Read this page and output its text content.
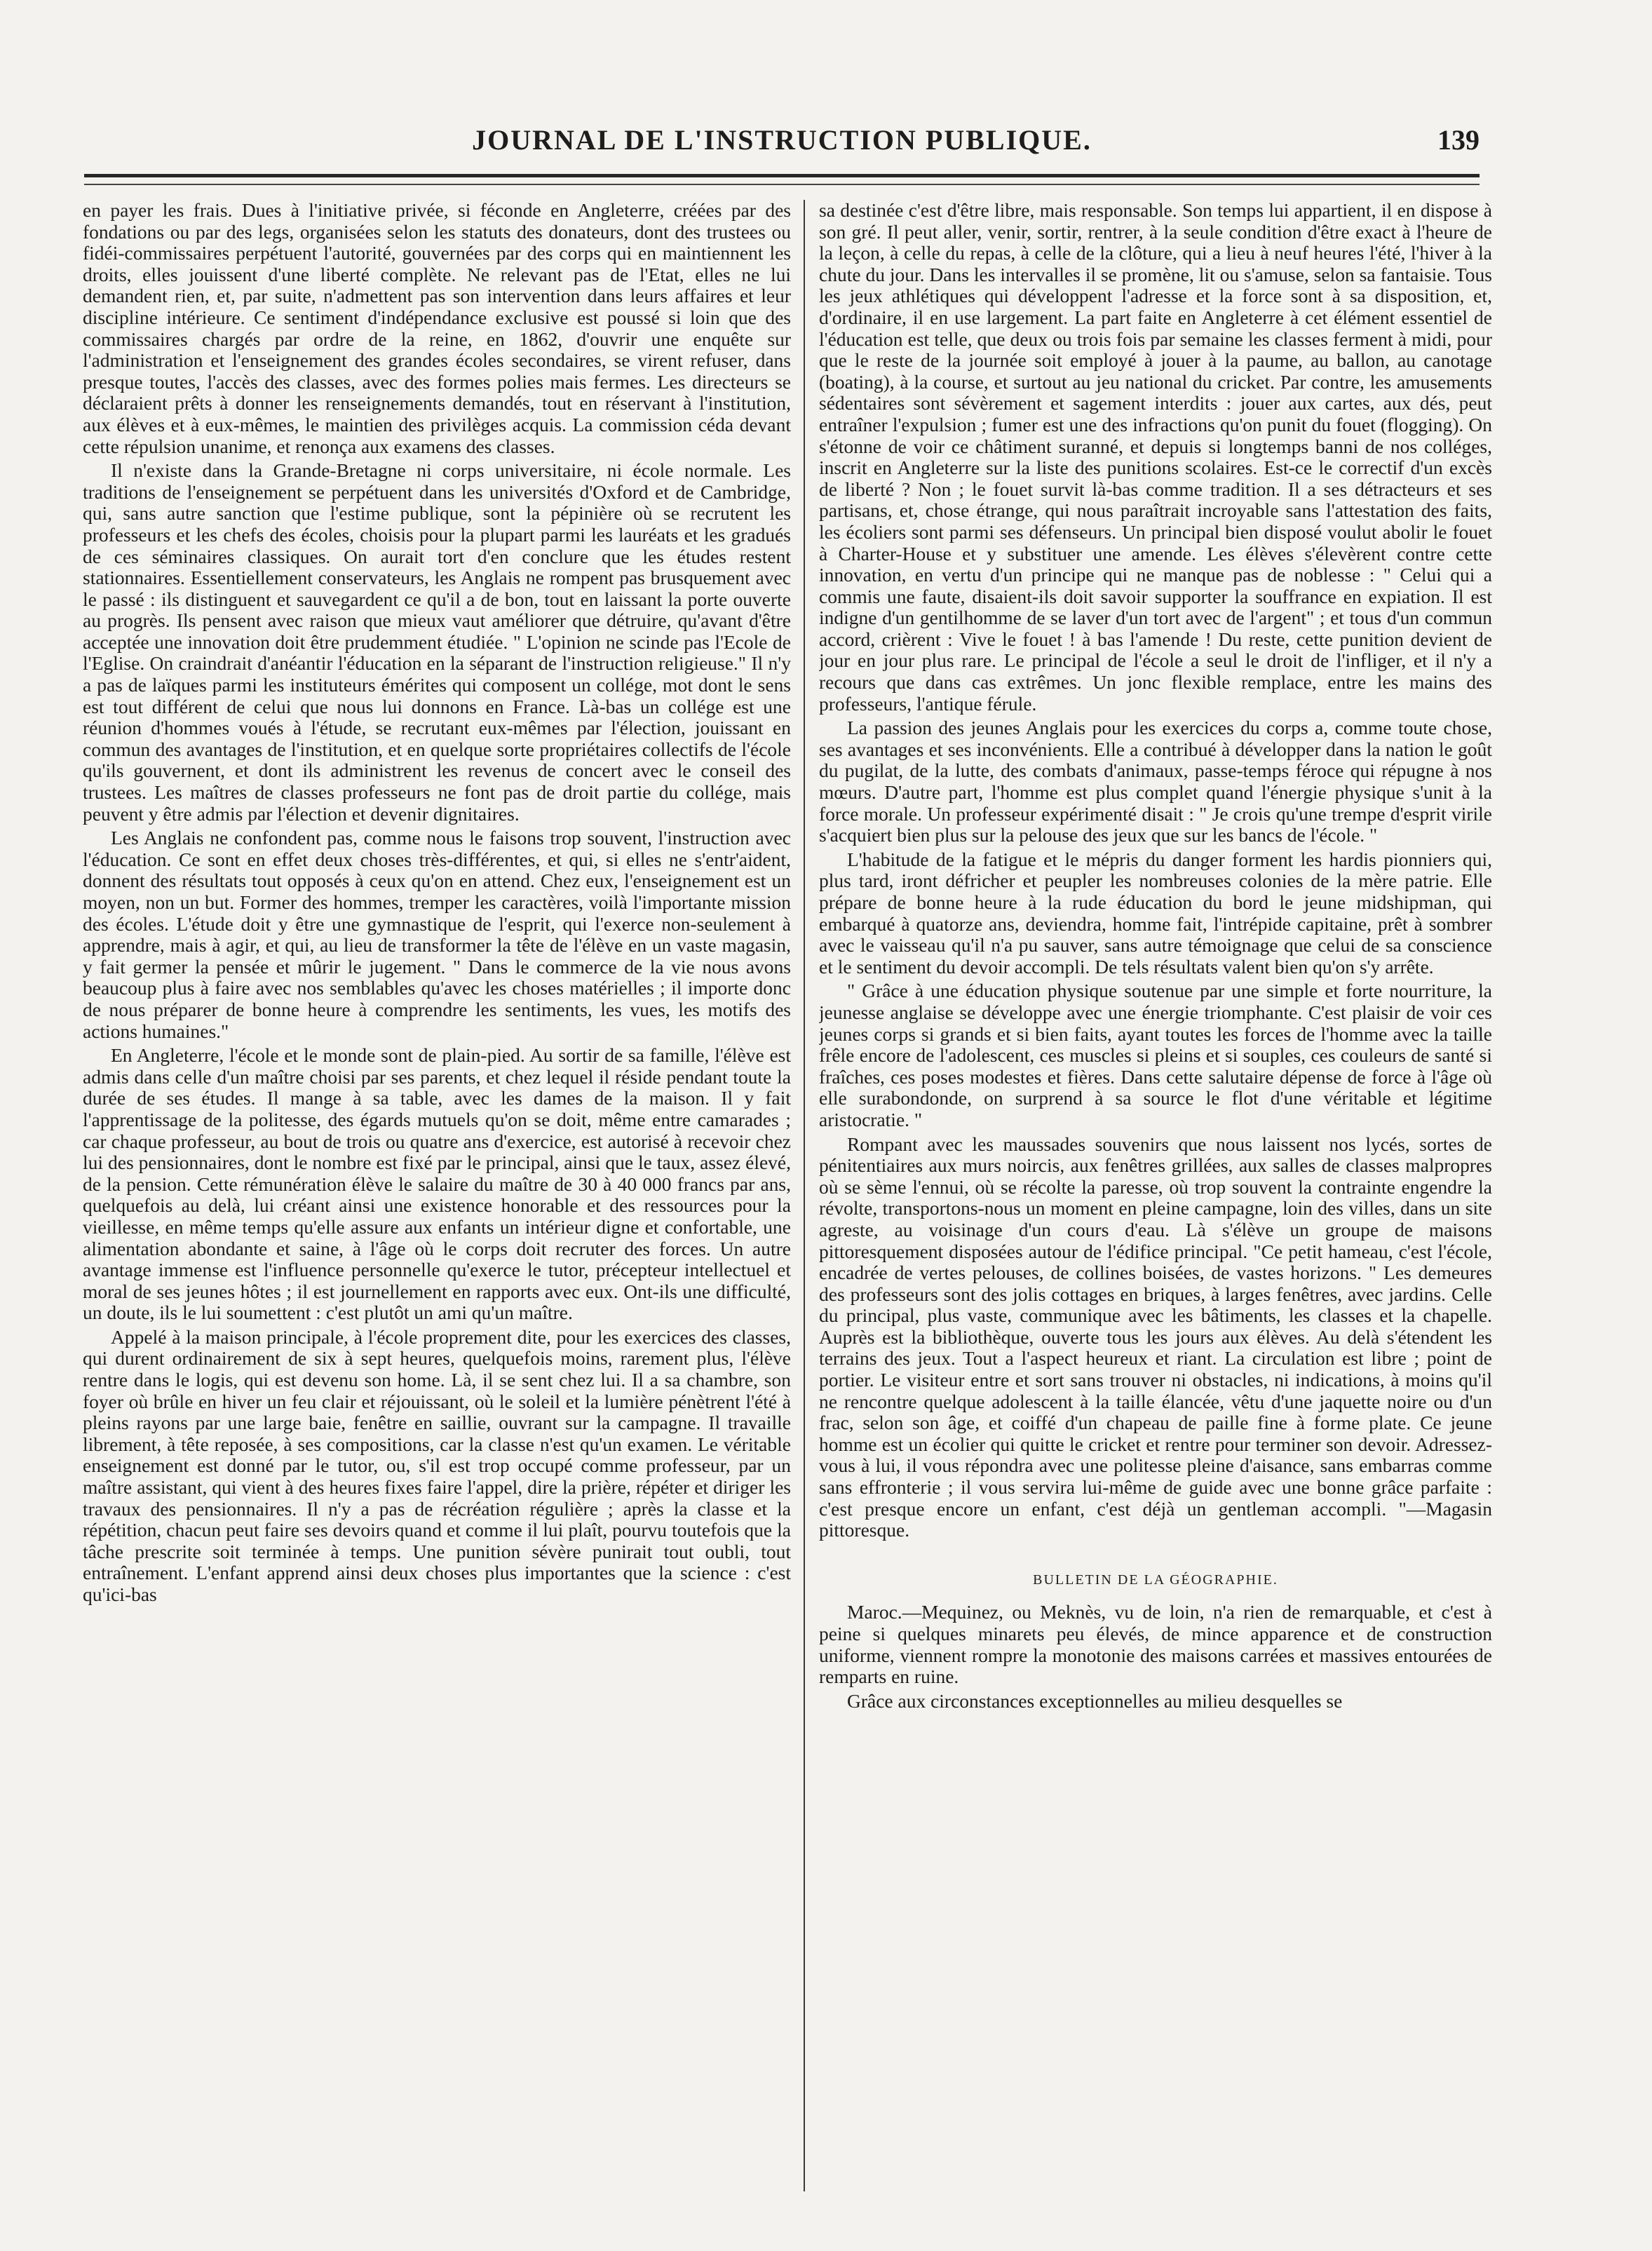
JOURNAL DE L'INSTRUCTION PUBLIQUE.	139

en payer les frais. Dues à l'initiative privée, si féconde en Angleterre, créées par des fondations ou par des legs, organisées selon les statuts des donateurs, dont des trustees ou fidéi-commissaires perpétuent l'autorité, gouvernées par des corps qui en maintiennent les droits, elles jouissent d'une liberté complète. Ne relevant pas de l'Etat, elles ne lui demandent rien, et, par suite, n'admettent pas son intervention dans leurs affaires et leur discipline intérieure. Ce sentiment d'indépendance exclusive est poussé si loin que des commissaires chargés par ordre de la reine, en 1862, d'ouvrir une enquête sur l'administration et l'enseignement des grandes écoles secondaires, se virent refuser, dans presque toutes, l'accès des classes, avec des formes polies mais fermes. Les directeurs se déclaraient prêts à donner les renseignements demandés, tout en réservant à l'institution, aux élèves et à eux-mêmes, le maintien des privilèges acquis. La commission céda devant cette répulsion unanime, et renonça aux examens des classes.

Il n'existe dans la Grande-Bretagne ni corps universitaire, ni école normale. Les traditions de l'enseignement se perpétuent dans les universités d'Oxford et de Cambridge, qui, sans autre sanction que l'estime publique, sont la pépinière où se recrutent les professeurs et les chefs des écoles, choisis pour la plupart parmi les lauréats et les gradués de ces séminaires classiques. On aurait tort d'en conclure que les études restent stationnaires. Essentiellement conservateurs, les Anglais ne rompent pas brusquement avec le passé : ils distinguent et sauvegardent ce qu'il a de bon, tout en laissant la porte ouverte au progrès. Ils pensent avec raison que mieux vaut améliorer que détruire, qu'avant d'être acceptée une innovation doit être prudemment étudiée. " L'opinion ne scinde pas l'Ecole de l'Eglise. On craindrait d'anéantir l'éducation en la séparant de l'instruction religieuse." Il n'y a pas de laïques parmi les instituteurs émérites qui composent un collége, mot dont le sens est tout différent de celui que nous lui donnons en France. Là-bas un collége est une réunion d'hommes voués à l'étude, se recrutant eux-mêmes par l'élection, jouissant en commun des avantages de l'institution, et en quelque sorte propriétaires collectifs de l'école qu'ils gouvernent, et dont ils administrent les revenus de concert avec le conseil des trustees. Les maîtres de classes professeurs ne font pas de droit partie du collége, mais peuvent y être admis par l'élection et devenir dignitaires.

Les Anglais ne confondent pas, comme nous le faisons trop souvent, l'instruction avec l'éducation. Ce sont en effet deux choses très-différentes, et qui, si elles ne s'entr'aident, donnent des résultats tout opposés à ceux qu'on en attend. Chez eux, l'enseignement est un moyen, non un but. Former des hommes, tremper les caractères, voilà l'importante mission des écoles. L'étude doit y être une gymnastique de l'esprit, qui l'exerce non-seulement à apprendre, mais à agir, et qui, au lieu de transformer la tête de l'élève en un vaste magasin, y fait germer la pensée et mûrir le jugement. " Dans le commerce de la vie nous avons beaucoup plus à faire avec nos semblables qu'avec les choses matérielles ; il importe donc de nous préparer de bonne heure à comprendre les sentiments, les vues, les motifs des actions humaines."

En Angleterre, l'école et le monde sont de plain-pied. Au sortir de sa famille, l'élève est admis dans celle d'un maître choisi par ses parents, et chez lequel il réside pendant toute la durée de ses études. Il mange à sa table, avec les dames de la maison. Il y fait l'apprentissage de la politesse, des égards mutuels qu'on se doit, même entre camarades ; car chaque professeur, au bout de trois ou quatre ans d'exercice, est autorisé à recevoir chez lui des pensionnaires, dont le nombre est fixé par le principal, ainsi que le taux, assez élevé, de la pension. Cette rémunération élève le salaire du maître de 30 à 40 000 francs par ans, quelquefois au delà, lui créant ainsi une existence honorable et des ressources pour la vieillesse, en même temps qu'elle assure aux enfants un intérieur digne et confortable, une alimentation abondante et saine, à l'âge où le corps doit recruter des forces. Un autre avantage immense est l'influence personnelle qu'exerce le tutor, précepteur intellectuel et moral de ses jeunes hôtes ; il est journellement en rapports avec eux. Ont-ils une difficulté, un doute, ils le lui soumettent : c'est plutôt un ami qu'un maître.

Appelé à la maison principale, à l'école proprement dite, pour les exercices des classes, qui durent ordinairement de six à sept heures, quelquefois moins, rarement plus, l'élève rentre dans le logis, qui est devenu son home. Là, il se sent chez lui. Il a sa chambre, son foyer où brûle en hiver un feu clair et réjouissant, où le soleil et la lumière pénètrent l'été à pleins rayons par une large baie, fenêtre en saillie, ouvrant sur la campagne. Il travaille librement, à tête reposée, à ses compositions, car la classe n'est qu'un examen. Le véritable enseignement est donné par le tutor, ou, s'il est trop occupé comme professeur, par un maître assistant, qui vient à des heures fixes faire l'appel, dire la prière, répéter et diriger les travaux des pensionnaires. Il n'y a pas de récréation régulière ; après la classe et la répétition, chacun peut faire ses devoirs quand et comme il lui plaît, pourvu toutefois que la tâche prescrite soit terminée à temps. Une punition sévère punirait tout oubli, tout entraînement. L'enfant apprend ainsi deux choses plus importantes que la science : c'est qu'ici-bas

sa destinée c'est d'être libre, mais responsable. Son temps lui appartient, il en dispose à son gré. Il peut aller, venir, sortir, rentrer, à la seule condition d'être exact à l'heure de la leçon, à celle du repas, à celle de la clôture, qui a lieu à neuf heures l'été, l'hiver à la chute du jour. Dans les intervalles il se promène, lit ou s'amuse, selon sa fantaisie. Tous les jeux athlétiques qui développent l'adresse et la force sont à sa disposition, et, d'ordinaire, il en use largement. La part faite en Angleterre à cet élément essentiel de l'éducation est telle, que deux ou trois fois par semaine les classes ferment à midi, pour que le reste de la journée soit employé à jouer à la paume, au ballon, au canotage (boating), à la course, et surtout au jeu national du cricket. Par contre, les amusements sédentaires sont sévèrement et sagement interdits : jouer aux cartes, aux dés, peut entraîner l'expulsion ; fumer est une des infractions qu'on punit du fouet (flogging). On s'étonne de voir ce châtiment suranné, et depuis si longtemps banni de nos colléges, inscrit en Angleterre sur la liste des punitions scolaires. Est-ce le correctif d'un excès de liberté ? Non ; le fouet survit là-bas comme tradition. Il a ses détracteurs et ses partisans, et, chose étrange, qui nous paraîtrait incroyable sans l'attestation des faits, les écoliers sont parmi ses défenseurs. Un principal bien disposé voulut abolir le fouet à Charter-House et y substituer une amende. Les élèves s'élevèrent contre cette innovation, en vertu d'un principe qui ne manque pas de noblesse : " Celui qui a commis une faute, disaient-ils doit savoir supporter la souffrance en expiation. Il est indigne d'un gentilhomme de se laver d'un tort avec de l'argent" ; et tous d'un commun accord, crièrent : Vive le fouet ! à bas l'amende ! Du reste, cette punition devient de jour en jour plus rare. Le principal de l'école a seul le droit de l'infliger, et il n'y a recours que dans cas extrêmes. Un jonc flexible remplace, entre les mains des professeurs, l'antique férule.

La passion des jeunes Anglais pour les exercices du corps a, comme toute chose, ses avantages et ses inconvénients. Elle a contribué à développer dans la nation le goût du pugilat, de la lutte, des combats d'animaux, passe-temps féroce qui répugne à nos mœurs. D'autre part, l'homme est plus complet quand l'énergie physique s'unit à la force morale. Un professeur expérimenté disait : " Je crois qu'une trempe d'esprit virile s'acquiert bien plus sur la pelouse des jeux que sur les bancs de l'école. "

L'habitude de la fatigue et le mépris du danger forment les hardis pionniers qui, plus tard, iront défricher et peupler les nombreuses colonies de la mère patrie. Elle prépare de bonne heure à la rude éducation du bord le jeune midshipman, qui embarqué à quatorze ans, deviendra, homme fait, l'intrépide capitaine, prêt à sombrer avec le vaisseau qu'il n'a pu sauver, sans autre témoignage que celui de sa conscience et le sentiment du devoir accompli. De tels résultats valent bien qu'on s'y arrête.

" Grâce à une éducation physique soutenue par une simple et forte nourriture, la jeunesse anglaise se développe avec une énergie triomphante. C'est plaisir de voir ces jeunes corps si grands et si bien faits, ayant toutes les forces de l'homme avec la taille frêle encore de l'adolescent, ces muscles si pleins et si souples, ces couleurs de santé si fraîches, ces poses modestes et fières. Dans cette salutaire dépense de force à l'âge où elle surabondonde, on surprend à sa source le flot d'une véritable et légitime aristocratie. "

Rompant avec les maussades souvenirs que nous laissent nos lycés, sortes de pénitentiaires aux murs noircis, aux fenêtres grillées, aux salles de classes malpropres où se sème l'ennui, où se récolte la paresse, où trop souvent la contrainte engendre la révolte, transportons-nous un moment en pleine campagne, loin des villes, dans un site agreste, au voisinage d'un cours d'eau. Là s'élève un groupe de maisons pittoresquement disposées autour de l'édifice principal. "Ce petit hameau, c'est l'école, encadrée de vertes pelouses, de collines boisées, de vastes horizons. " Les demeures des professeurs sont des jolis cottages en briques, à larges fenêtres, avec jardins. Celle du principal, plus vaste, communique avec les bâtiments, les classes et la chapelle. Auprès est la bibliothèque, ouverte tous les jours aux élèves. Au delà s'étendent les terrains des jeux. Tout a l'aspect heureux et riant. La circulation est libre ; point de portier. Le visiteur entre et sort sans trouver ni obstacles, ni indications, à moins qu'il ne rencontre quelque adolescent à la taille élancée, vêtu d'une jaquette noire ou d'un frac, selon son âge, et coiffé d'un chapeau de paille fine à forme plate. Ce jeune homme est un écolier qui quitte le cricket et rentre pour terminer son devoir. Adressez-vous à lui, il vous répondra avec une politesse pleine d'aisance, sans embarras comme sans effronterie ; il vous servira lui-même de guide avec une bonne grâce parfaite : c'est presque encore un enfant, c'est déjà un gentleman accompli. "—Magasin pittoresque.

BULLETIN DE LA GÉOGRAPHIE.

Maroc.—Mequinez, ou Meknès, vu de loin, n'a rien de remarquable, et c'est à peine si quelques minarets peu élevés, de mince apparence et de construction uniforme, viennent rompre la monotonie des maisons carrées et massives entourées de remparts en ruine.

Grâce aux circonstances exceptionnelles au milieu desquelles se
